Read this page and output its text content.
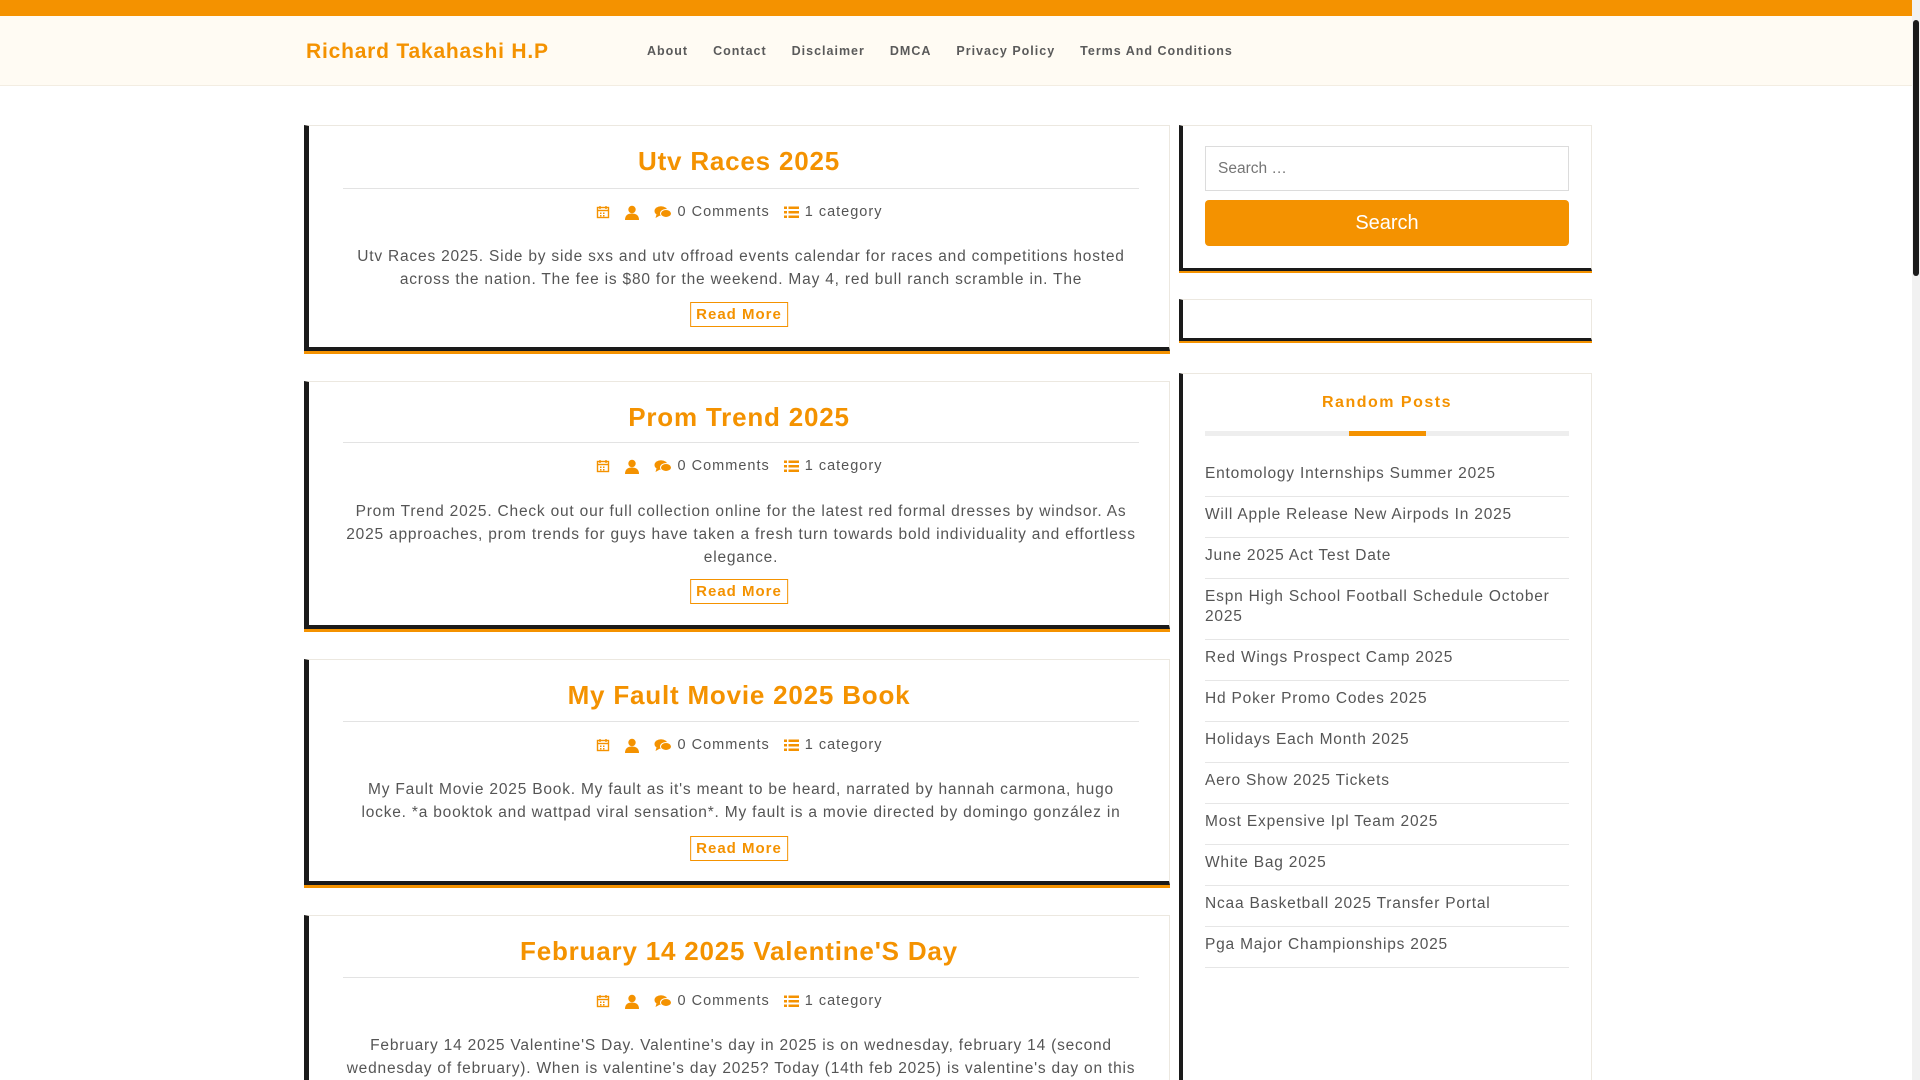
Richard Takahashi H.P	About Contact Disclaimer DMCA Privacy Policy Terms And Conditions
Utv Races 2025
0 Comments 1 category

Utv Races 2025. Side by side sxs and utv offroad events calendar for races and competitions hosted across the nation. The fee is $80 for the weekend. May 4, red bull ranch scramble in. The

Read More
Prom Trend 2025
0 Comments 1 category

Prom Trend 2025. Check out our full collection online for the latest red formal dresses by windsor. As 2025 approaches, prom trends for guys have taken a fresh turn towards bold individuality and effortless elegance.

Read More
My Fault Movie 2025 Book
0 Comments 1 category

My Fault Movie 2025 Book. My fault as it's meant to be heard, narrated by hannah carmona, hugo locke. *a booktok and wattpad viral sensation*. My fault is a movie directed by domingo gonzález in

Read More
February 14 2025 Valentine'S Day
0 Comments 1 category

February 14 2025 Valentine'S Day. Valentine's day in 2025 is on wednesday, february 14 (second wednesday of february). When is valentine's day 2025? Today (14th feb 2025) is valentine's day on this

Search …
Search
Random Posts
Entomology Internships Summer 2025
Will Apple Release New Airpods In 2025
June 2025 Act Test Date
Espn High School Football Schedule October 2025
Red Wings Prospect Camp 2025
Hd Poker Promo Codes 2025
Holidays Each Month 2025
Aero Show 2025 Tickets
Most Expensive Ipl Team 2025
White Bag 2025
Ncaa Basketball 2025 Transfer Portal
Pga Major Championships 2025
